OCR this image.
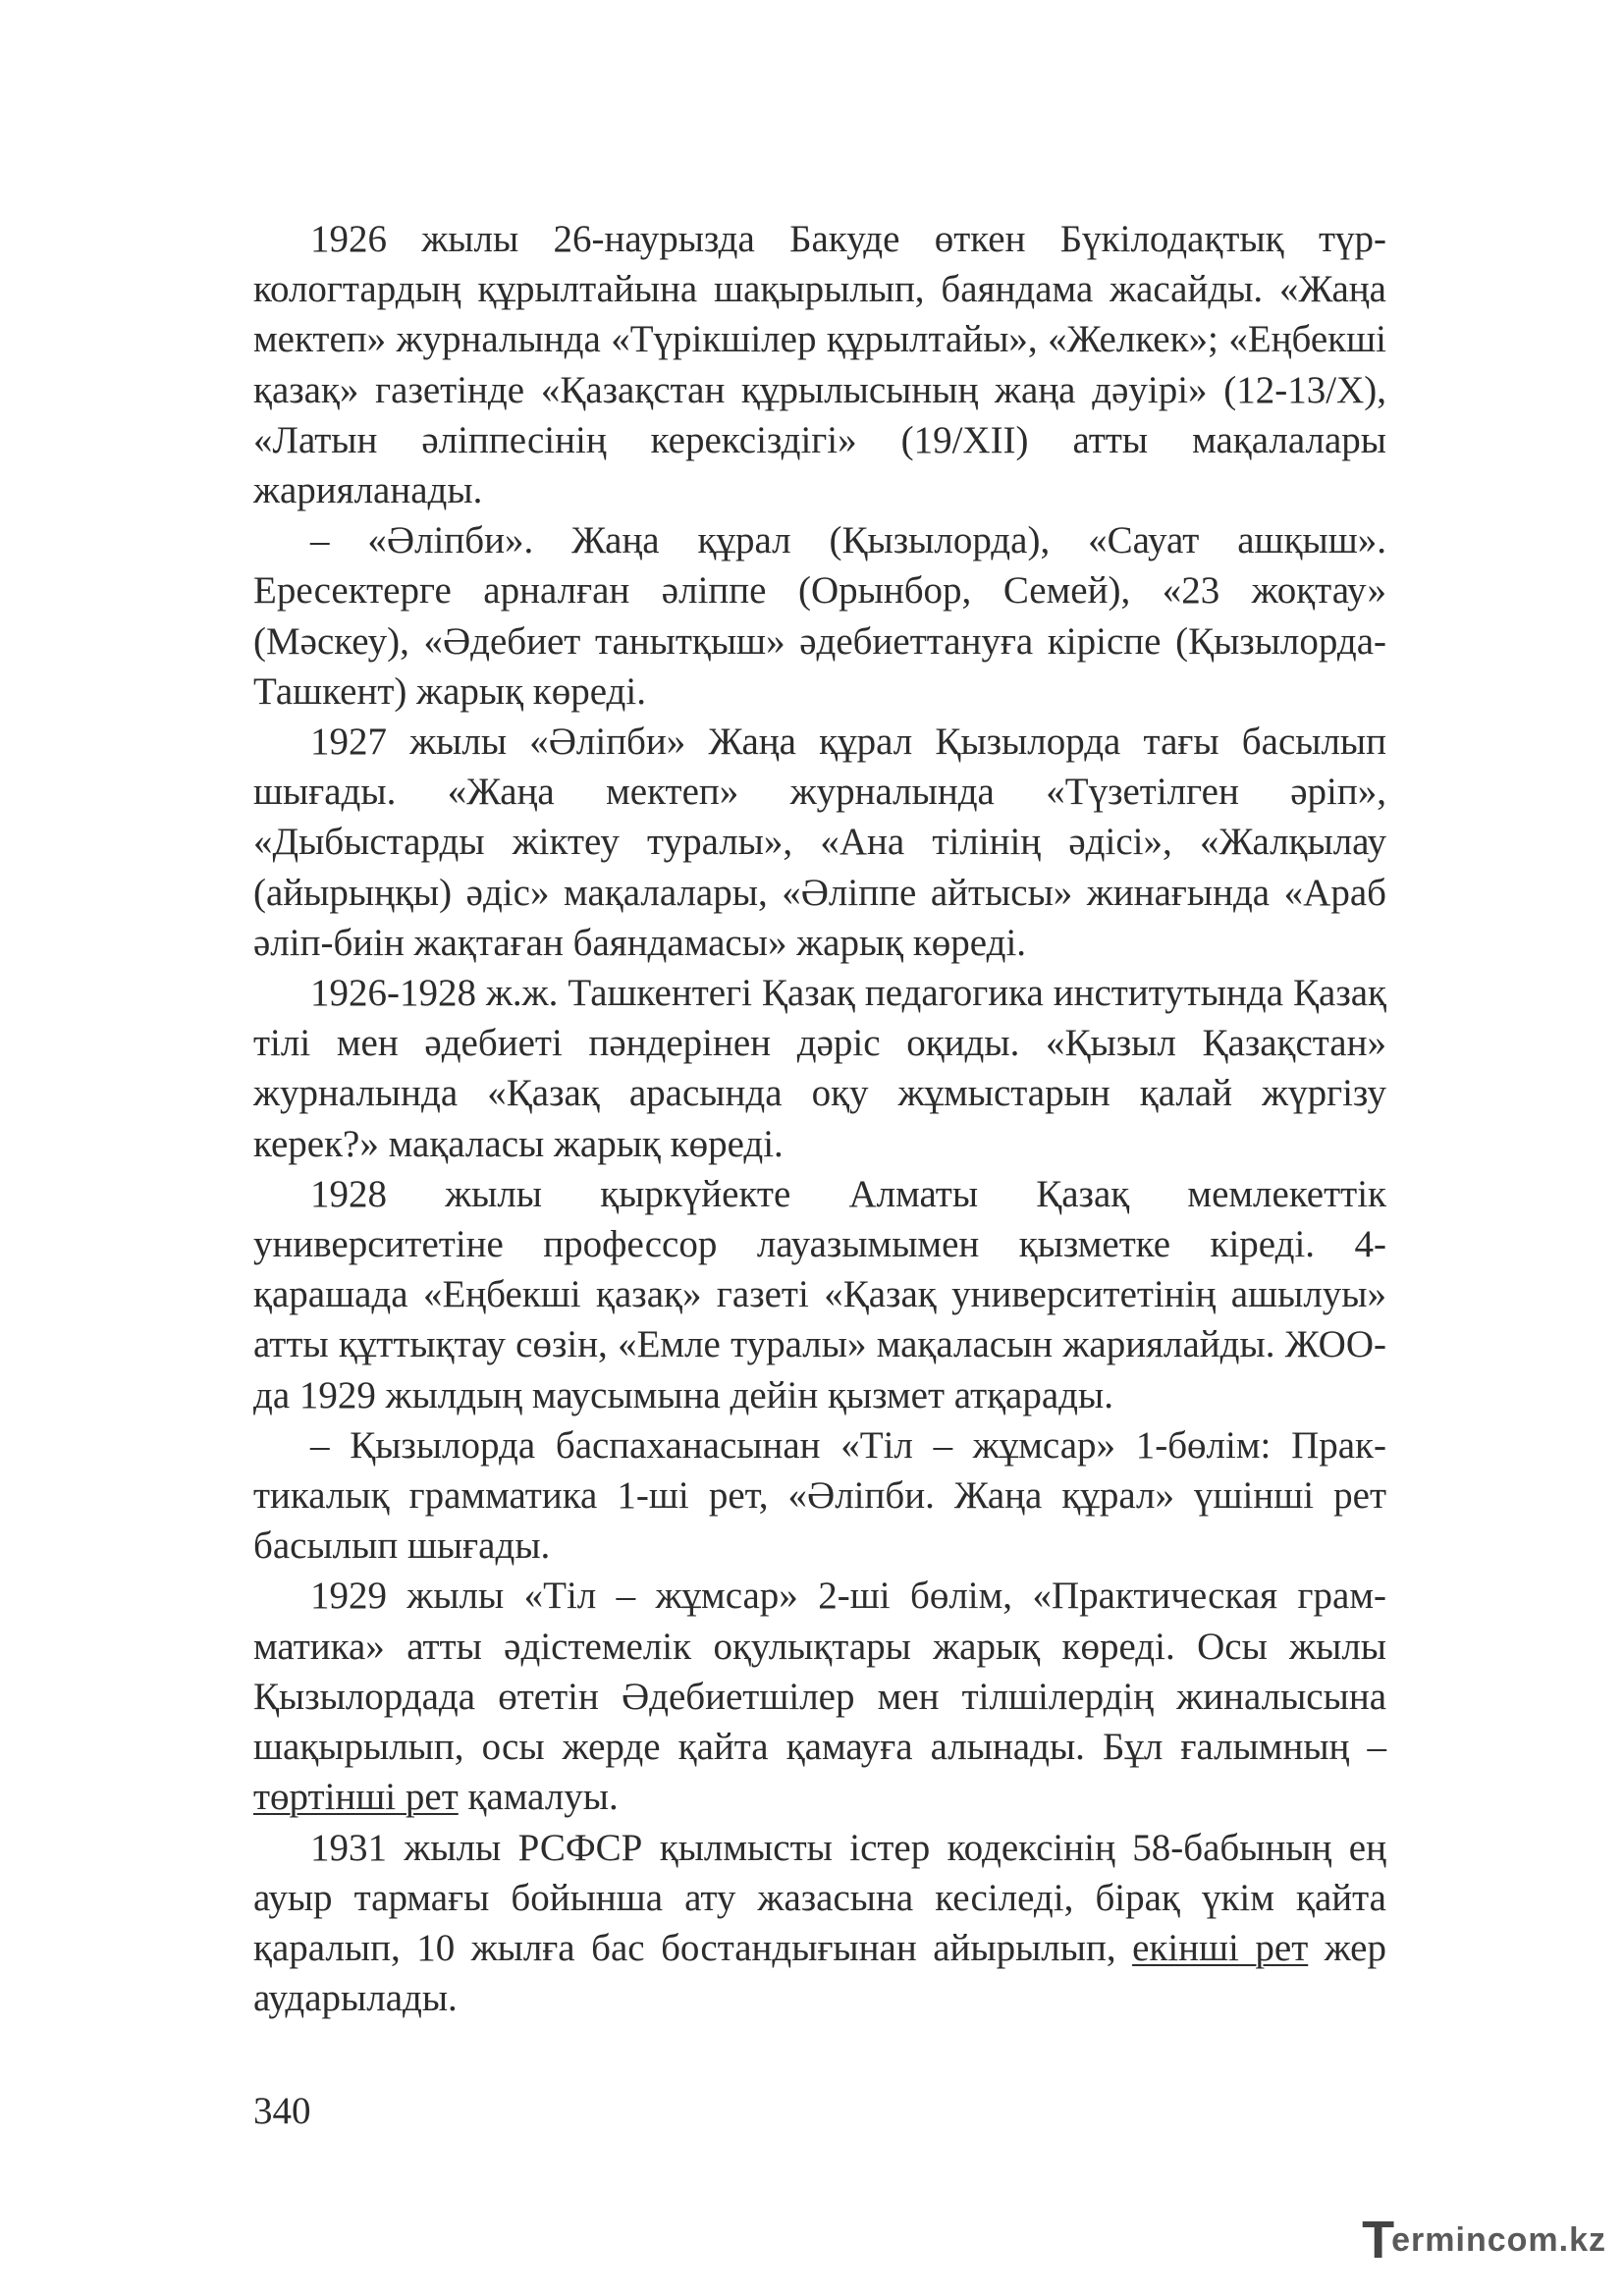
1926 жылы 26-наурызда Бакуде өткен Бүкілодақтық түркологтардың құрылтайына шақырылып, баяндама жасайды. «Жаңа мектеп» журналында «Түрікшілер құрылтайы», «Желкек»; «Еңбекші қазақ» газетінде «Қазақстан құрылысының жаңа дәуірі» (12-13/Х), «Латын әліппесінің керексіздігі» (19/ХІІ) атты мақалалары жарияланады.

– «Әліпби». Жаңа құрал (Қызылорда), «Сауат ашқыш». Ересектерге арналған әліппе (Орынбор, Семей), «23 жоқтау» (Мәскеу), «Әдебиет танытқыш» әдебиеттануға кіріспе (Қызылорда-Ташкент) жарық көреді.

1927 жылы «Әліпби» Жаңа құрал Қызылорда тағы басылып шығады. «Жаңа мектеп» журналында «Түзетілген әріп», «Дыбыстарды жіктеу туралы», «Ана тілінің әдісі», «Жалқылау (айырыңқы) әдіс» мақалалары, «Әліппе айтысы» жинағында «Араб әліп-биін жақтаған баяндамасы» жарық көреді.

1926-1928 ж.ж. Ташкентегі Қазақ педагогика институтында Қазақ тілі мен әдебиеті пәндерінен дәріс оқиды. «Қызыл Қазақстан» журналында «Қазақ арасында оқу жұмыстарын қалай жүргізу керек?» мақаласы жарық көреді.

1928 жылы қыркүйекте Алматы Қазақ мемлекеттік университетіне профессор лауазымымен қызметке кіреді. 4-қарашада «Еңбекші қазақ» газеті «Қазақ университетінің ашылуы» атты құттықтау сөзін, «Емле туралы» мақаласын жариялайды. ЖОО-да 1929 жылдың маусымына дейін қызмет атқарады.

– Қызылорда баспаханасынан «Тіл – жұмсар» 1-бөлім: Практикалық грамматика 1-ші рет, «Әліпби. Жаңа құрал» үшінші рет басылып шығады.

1929 жылы «Тіл – жұмсар» 2-ші бөлім, «Практическая грамматика» атты әдістемелік оқулықтары жарық көреді. Осы жылы Қызылордада өтетін Әдебиетшілер мен тілшілердің жиналысына шақырылып, осы жерде қайта қамауға алынады. Бұл ғалымның – төртінші рет қамалуы.

1931 жылы РСФСР қылмысты істер кодексінің 58-бабының ең ауыр тармағы бойынша ату жазасына кесіледі, бірақ үкім қайта қаралып, 10 жылға бас бостандығынан айырылып, екінші рет жер аударылады.

340
T
ermincom.kz
